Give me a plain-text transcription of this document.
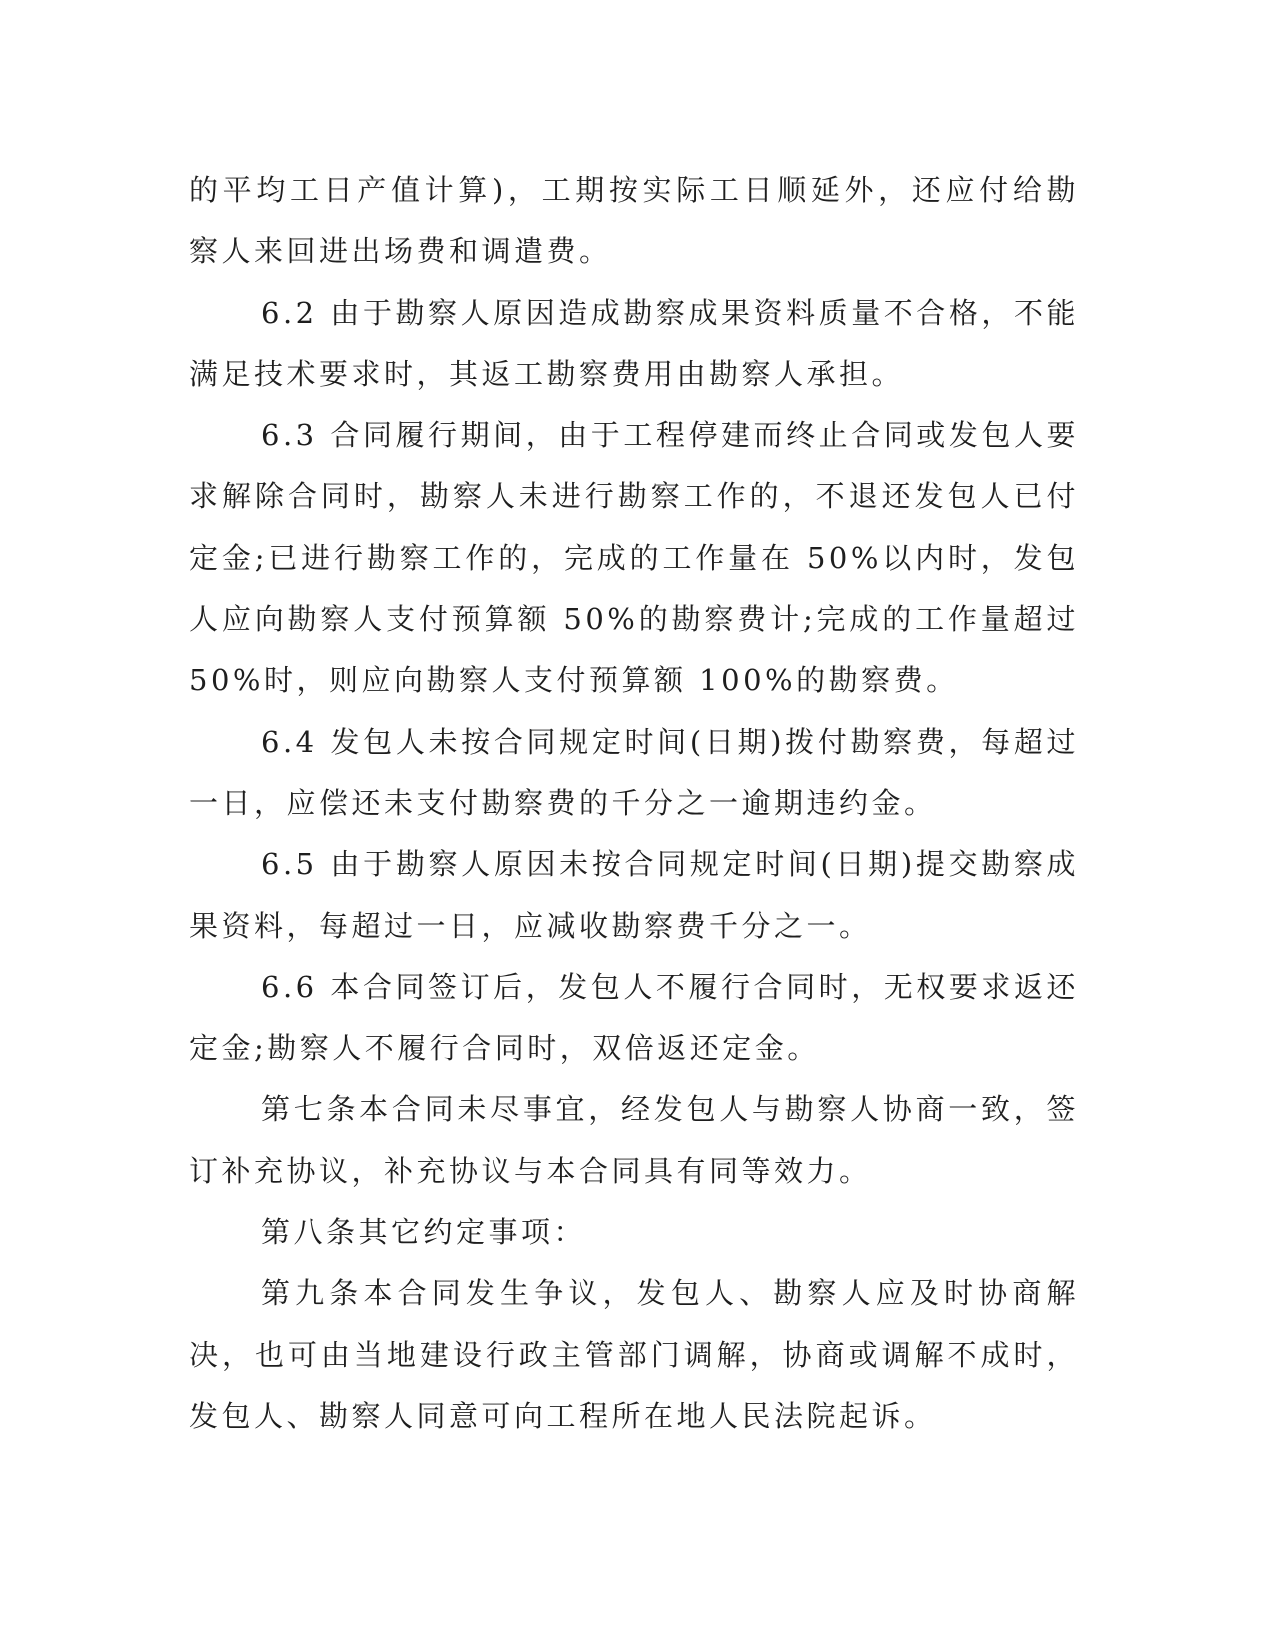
的平均工日产值计算)，工期按实际工日顺延外，还应付给勘察人来回进出场费和调遣费。

6.2 由于勘察人原因造成勘察成果资料质量不合格，不能满足技术要求时，其返工勘察费用由勘察人承担。

6.3 合同履行期间，由于工程停建而终止合同或发包人要求解除合同时，勘察人未进行勘察工作的，不退还发包人已付定金;已进行勘察工作的，完成的工作量在 50%以内时，发包人应向勘察人支付预算额 50%的勘察费计;完成的工作量超过 50%时，则应向勘察人支付预算额 100%的勘察费。

6.4 发包人未按合同规定时间(日期)拨付勘察费，每超过一日，应偿还未支付勘察费的千分之一逾期违约金。

6.5 由于勘察人原因未按合同规定时间(日期)提交勘察成果资料，每超过一日，应减收勘察费千分之一。

6.6 本合同签订后，发包人不履行合同时，无权要求返还定金;勘察人不履行合同时，双倍返还定金。

第七条本合同未尽事宜，经发包人与勘察人协商一致，签订补充协议，补充协议与本合同具有同等效力。

第八条其它约定事项：

第九条本合同发生争议，发包人、勘察人应及时协商解决，也可由当地建设行政主管部门调解，协商或调解不成时，发包人、勘察人同意可向工程所在地人民法院起诉。
